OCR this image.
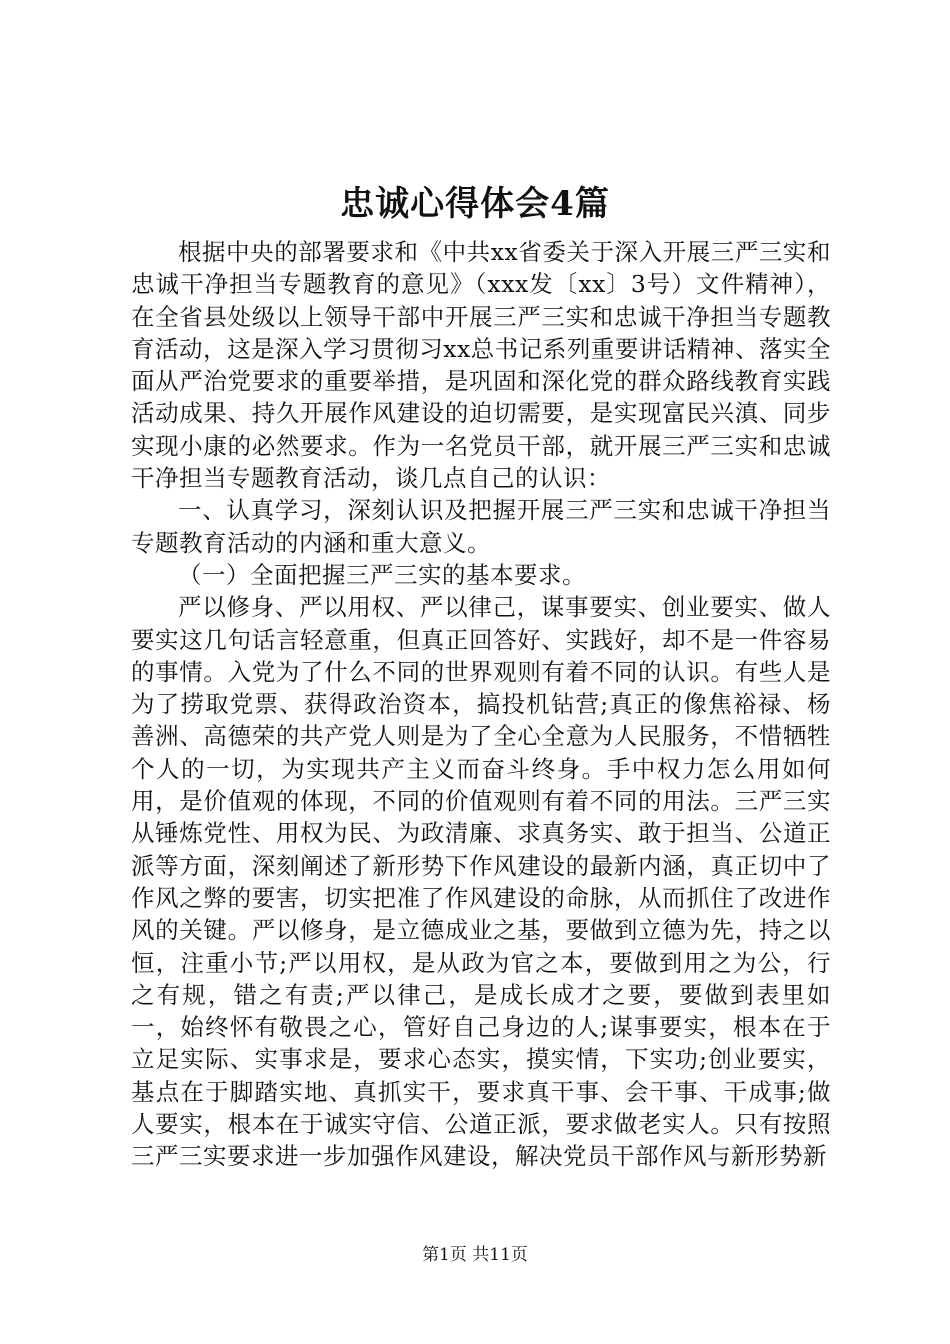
忠诚心得体会4篇

根据中央的部署要求和《中共xx省委关于深入开展三严三实和忠诚干净担当专题教育的意见》（xxx发〔xx〕3号）文件精神），在全省县处级以上领导干部中开展三严三实和忠诚干净担当专题教育活动，这是深入学习贯彻习xx总书记系列重要讲话精神、落实全面从严治党要求的重要举措，是巩固和深化党的群众路线教育实践活动成果、持久开展作风建设的迫切需要，是实现富民兴滇、同步实现小康的必然要求。作为一名党员干部，就开展三严三实和忠诚干净担当专题教育活动，谈几点自己的认识：

一、认真学习，深刻认识及把握开展三严三实和忠诚干净担当专题教育活动的内涵和重大意义。

（一）全面把握三严三实的基本要求。

严以修身、严以用权、严以律己，谋事要实、创业要实、做人要实这几句话言轻意重，但真正回答好、实践好，却不是一件容易的事情。入党为了什么不同的世界观则有着不同的认识。有些人是为了捞取党票、获得政治资本，搞投机钻营;真正的像焦裕禄、杨善洲、高德荣的共产党人则是为了全心全意为人民服务，不惜牺牲个人的一切，为实现共产主义而奋斗终身。手中权力怎么用如何用，是价值观的体现，不同的价值观则有着不同的用法。三严三实从锤炼党性、用权为民、为政清廉、求真务实、敢于担当、公道正派等方面，深刻阐述了新形势下作风建设的最新内涵，真正切中了作风之弊的要害，切实把准了作风建设的命脉，从而抓住了改进作风的关键。严以修身，是立德成业之基，要做到立德为先，持之以恒，注重小节;严以用权，是从政为官之本，要做到用之为公，行之有规，错之有责;严以律己，是成长成才之要，要做到表里如一，始终怀有敬畏之心，管好自己身边的人;谋事要实，根本在于立足实际、实事求是，要求心态实，摸实情，下实功;创业要实，基点在于脚踏实地、真抓实干，要求真干事、会干事、干成事;做人要实，根本在于诚实守信、公道正派，要求做老实人。只有按照三严三实要求进一步加强作风建设，解决党员干部作风与新形势新

第1页 共11页
